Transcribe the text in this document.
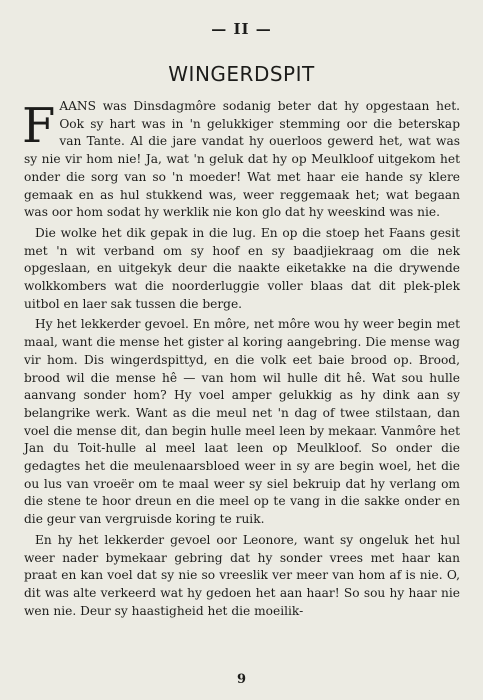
— II —
WINGERDSPIT

FAANS was Dinsdagmôre sodanig beter dat hy opgestaan het. Ook sy hart was in 'n gelukkiger stemming oor die beterskap van Tante. Al die jare vandat hy ouerloos gewerd het, wat was sy nie vir hom nie! Ja, wat 'n geluk dat hy op Meulkloof uitgekom het onder die sorg van so 'n moeder! Wat met haar eie hande sy klere gemaak en as hul stukkend was, weer reggemaak het; wat begaan was oor hom sodat hy werklik nie kon glo dat hy weeskind was nie.

Die wolke het dik gepak in die lug. En op die stoep het Faans gesit met 'n wit verband om sy hoof en sy baadjiekraag om die nek opgeslaan, en uitgekyk deur die naakte eiketakke na die drywende wolkkombers wat die noorderluggie voller blaas dat dit plek-plek uitbol en laer sak tussen die berge.

Hy het lekkerder gevoel. En môre, net môre wou hy weer begin met maal, want die mense het gister al koring aangebring. Die mense wag vir hom. Dis wingerdspittyd, en die volk eet baie brood op. Brood, brood wil die mense hê — van hom wil hulle dit hê. Wat sou hulle aanvang sonder hom? Hy voel amper gelukkig as hy dink aan sy belangrike werk. Want as die meul net 'n dag of twee stilstaan, dan voel die mense dit, dan begin hulle meel leen by mekaar. Vanmôre het Jan du Toit-hulle al meel laat leen op Meulkloof. So onder die gedagtes het die meulenaarsbloed weer in sy are begin woel, het die ou lus van vroeër om te maal weer sy siel bekruip dat hy verlang om die stene te hoor dreun en die meel op te vang in die sakke onder en die geur van vergruisde koring te ruik.

En hy het lekkerder gevoel oor Leonore, want sy ongeluk het hul weer nader bymekaar gebring dat hy sonder vrees met haar kan praat en kan voel dat sy nie so vreeslik ver meer van hom af is nie. O, dit was alte verkeerd wat hy gedoen het aan haar! So sou hy haar nie wen nie. Deur sy haastigheid het die moeilik-

9
